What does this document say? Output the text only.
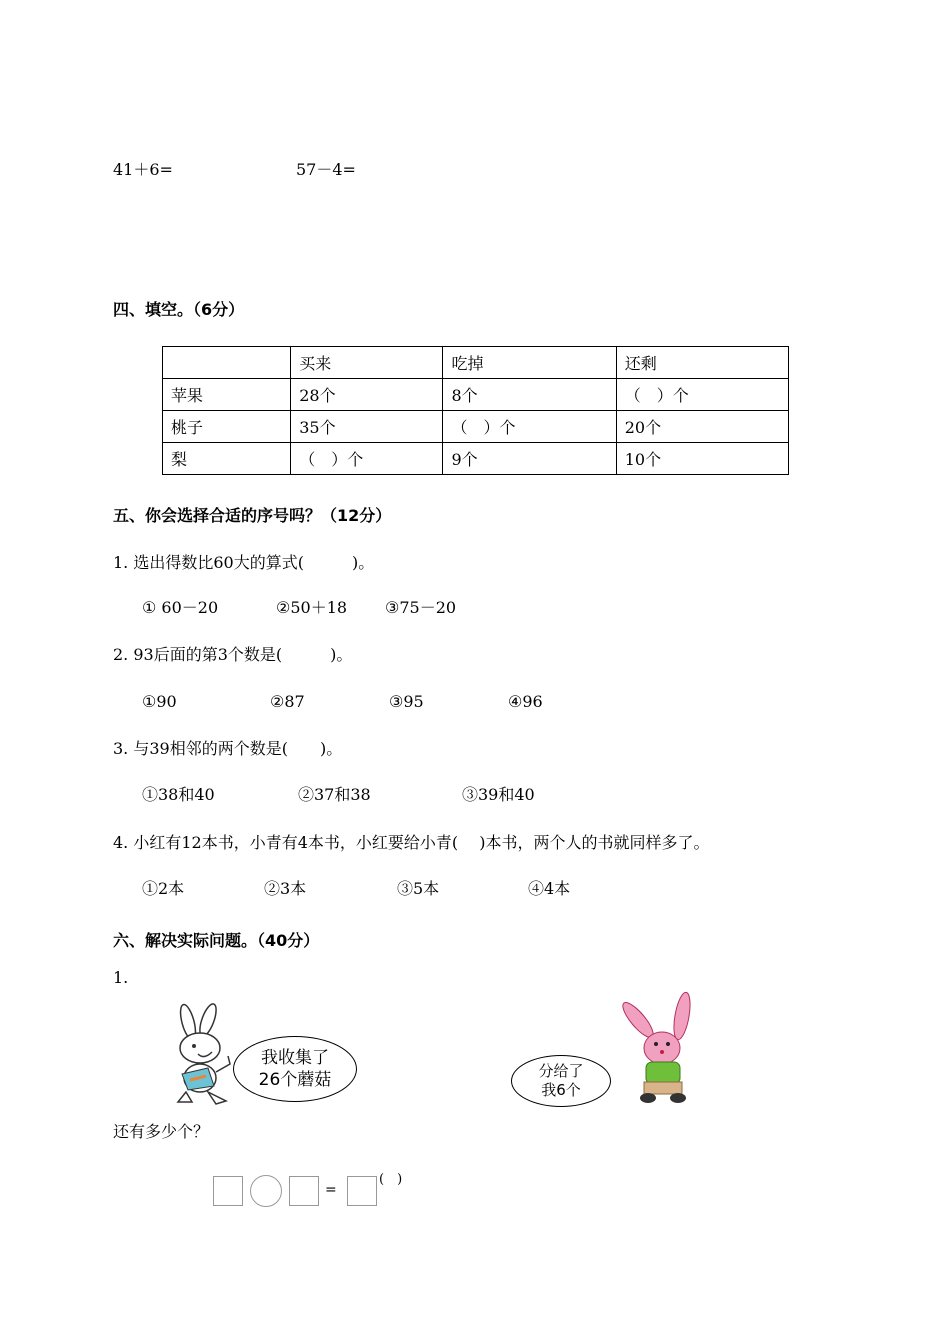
41＋6=	57－4=
四、填空。（6分）
	买来	吃掉	还剩
苹果	28个	8个	（　）个
桃子	35个	（　）个	20个
梨	（　）个	9个	10个
五、你会选择合适的序号吗？（12分）
1. 选出得数比60大的算式(　　　)。
① 60－20	②50＋18 ③75－20
2. 93后面的第3个数是(　　　)。
①90	②87	③95	④96
3. 与39相邻的两个数是(　　)。
①38和40	②37和38	③39和40
4. 小红有12本书，小青有4本书，小红要给小青(　 )本书，两个人的书就同样多了。
①2本	②3本	③5本	④4本
六、解决实际问题。（40分）
1.
我收集了
26个蘑菇	分给了
我6个
还有多少个？
=
(　)
